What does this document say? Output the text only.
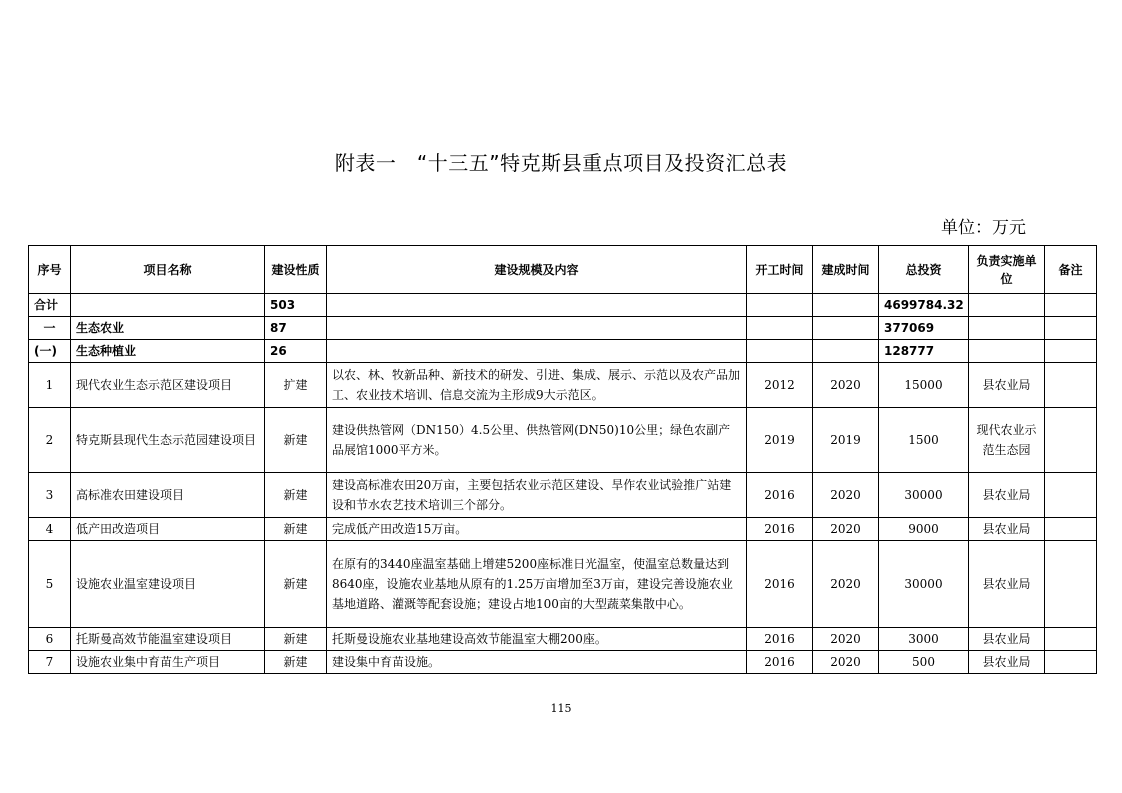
附表一　“十三五”特克斯县重点项目及投资汇总表
单位：万元
序号	项目名称	建设性质	建设规模及内容	开工时间	建成时间	总投资	负责实施单位	备注
合计		503				4699784.32		
一	生态农业	87				377069		
(一)	生态种植业	26				128777		
1	现代农业生态示范区建设项目	扩建	以农、林、牧新品种、新技术的研发、引进、集成、展示、示范以及农产品加工、农业技术培训、信息交流为主形成9大示范区。	2012	2020	15000	县农业局	
2	特克斯县现代生态示范园建设项目	新建	建设供热管网（DN150）4.5公里、供热管网(DN50)10公里；绿色农副产品展馆1000平方米。	2019	2019	1500	现代农业示范生态园	
3	高标准农田建设项目	新建	建设高标准农田20万亩，主要包括农业示范区建设、旱作农业试验推广站建设和节水农艺技术培训三个部分。	2016	2020	30000	县农业局	
4	低产田改造项目	新建	完成低产田改造15万亩。	2016	2020	9000	县农业局	
5	设施农业温室建设项目	新建	在原有的3440座温室基础上增建5200座标准日光温室，使温室总数量达到8640座，设施农业基地从原有的1.25万亩增加至3万亩，建设完善设施农业基地道路、灌溉等配套设施；建设占地100亩的大型蔬菜集散中心。	2016	2020	30000	县农业局	
6	托斯曼高效节能温室建设项目	新建	托斯曼设施农业基地建设高效节能温室大棚200座。	2016	2020	3000	县农业局	
7	设施农业集中育苗生产项目	新建	建设集中育苗设施。	2016	2020	500	县农业局	
115
